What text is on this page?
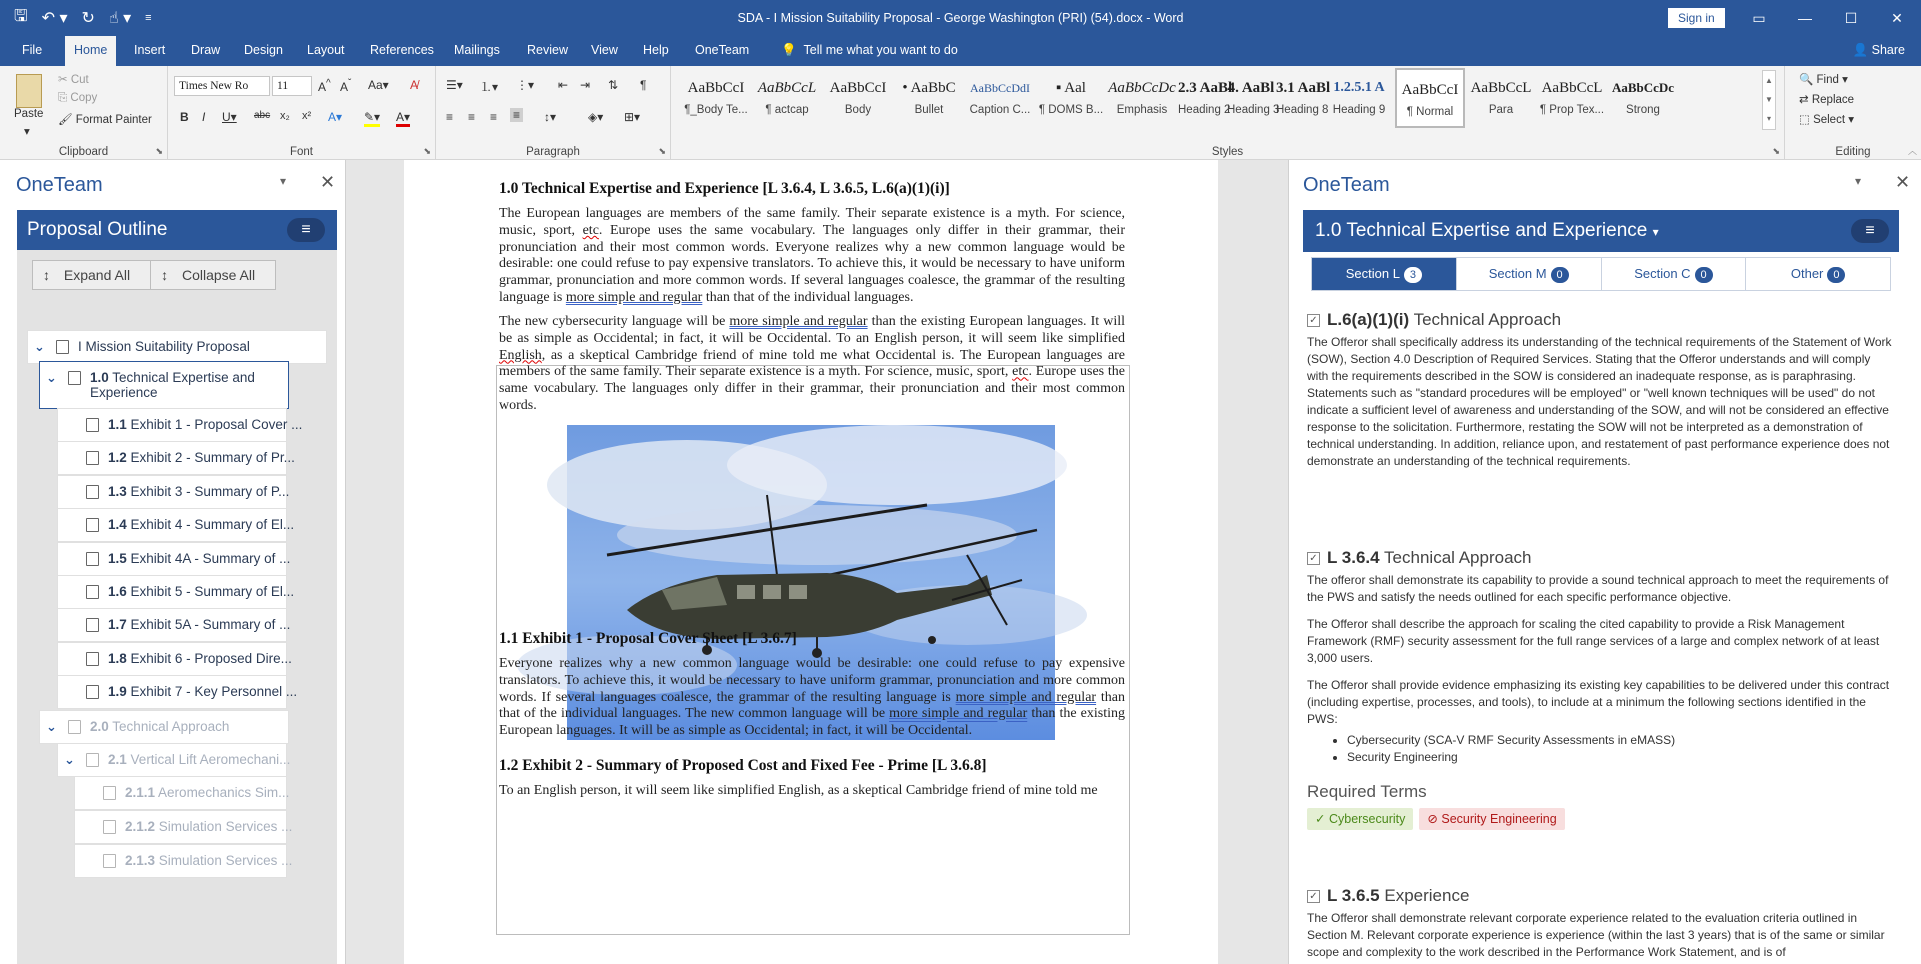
🖫 ↶ ▾ ↻ ☝ ▾ ≡	SDA - I Mission Suitability Proposal - George Washington (PRI) (54).docx - Word	Sign in	▭	—	☐	✕
File	Home	Insert	Draw	Design	Layout	References	Mailings	Review	View	Help	OneTeam	💡 Tell me what you want to do	👤 Share
Paste
▾
✂ Cut
⎘ Copy
🖌 Format Painter
Clipboard	⬊
Times New Ro	11	A^ $A^ˇ$ Aa▾ A̸
B I U▾ abc x₂ x² A▾ ✎▾ A▾
Font	⬊
☰▾ ⒈▾ ⋮▾ ⇤ ⇥ ⇅ ¶
≡ ≡ ≡ ≡ ↕▾	◈▾ ⊞▾
Paragraph	⬊	Styles	⬊
AaBbCcI
¶_Body Te...
AaBbCcL
¶ actcap
AaBbCcI
Body
• AaBbC
Bullet
AaBbCcDdI
Caption C...
▪ Aal
¶ DOMS B...
AaBbCcDc
Emphasis
2.3 AaBl
Heading 2
4. AaBl
Heading 3
3.1 AaBl
Heading 8
1.2.5.1 A
Heading 9
AaBbCcI
¶ Normal
AaBbCcL
Para
AaBbCcL
¶ Prop Tex...
AaBbCcDc
Strong
▲
▼
▾
🔍 Find ▾
⇄ Replace
⬚ Select ▾
Editing	︿
OneTeam	▾ ✕
Proposal Outline	≡
↕ Expand All	↕ Collapse All
⌄ I Mission Suitability Proposal
⌄ 1.0 Technical Expertise and
Experience
1.1 Exhibit 1 - Proposal Cover ...
1.2 Exhibit 2 - Summary of Pr...
1.3 Exhibit 3 - Summary of P...
1.4 Exhibit 4 - Summary of El...
1.5 Exhibit 4A - Summary of ...
1.6 Exhibit 5 - Summary of El...
1.7 Exhibit 5A - Summary of ...
1.8 Exhibit 6 - Proposed Dire...
1.9 Exhibit 7 - Key Personnel ...
⌄ 2.0 Technical Approach
⌄ 2.1 Vertical Lift Aeromechani...
2.1.1 Aeromechanics Sim...
2.1.2 Simulation Services ...
2.1.3 Simulation Services ...
1.0 Technical Expertise and Experience [L 3.6.4, L 3.6.5, L.6(a)(1)(i)]
The European languages are members of the same family. Their separate existence is a myth. For science, music, sport, etc. Europe uses the same vocabulary. The languages only differ in their grammar, their pronunciation and their most common words. Everyone realizes why a new common language would be desirable: one could refuse to pay expensive translators. To achieve this, it would be necessary to have uniform grammar, pronunciation and more common words. If several languages coalesce, the grammar of the resulting language is more simple and regular than that of the individual languages.
The new cybersecurity language will be more simple and regular than the existing European languages. It will be as simple as Occidental; in fact, it will be Occidental. To an English person, it will seem like simplified English, as a skeptical Cambridge friend of mine told me what Occidental is. The European languages are members of the same family. Their separate existence is a myth. For science, music, sport, etc. Europe uses the same vocabulary. The languages only differ in their grammar, their pronunciation and their most common words.
1.1 Exhibit 1 - Proposal Cover Sheet [L 3.6.7]
Everyone realizes why a new common language would be desirable: one could refuse to pay expensive translators. To achieve this, it would be necessary to have uniform grammar, pronunciation and more common words. If several languages coalesce, the grammar of the resulting language is more simple and regular than that of the individual languages. The new common language will be more simple and regular than the existing European languages. It will be as simple as Occidental; in fact, it will be Occidental.
1.2 Exhibit 2 - Summary of Proposed Cost and Fixed Fee - Prime [L 3.6.8]
To an English person, it will seem like simplified English, as a skeptical Cambridge friend of mine told me
OneTeam	▾ ✕
1.0 Technical Expertise and Experience ▾	≡
Section L 3	Section M 0	Section C 0	Other 0
✓ L.6(a)(1)(i) Technical Approach
The Offeror shall specifically address its understanding of the technical requirements of the Statement of Work (SOW), Section 4.0 Description of Required Services. Stating that the Offeror understands and will comply with the requirements described in the SOW is considered an inadequate response, as is paraphrasing. Statements such as "standard procedures will be employed" or "well known techniques will be used" do not indicate a sufficient level of awareness and understanding of the SOW, and will not be considered an effective response to the solicitation. Furthermore, restating the SOW will not be interpreted as a demonstration of technical understanding. In addition, reliance upon, and restatement of past performance experience does not demonstrate an understanding of the technical requirements.
✓ L 3.6.4 Technical Approach
The offeror shall demonstrate its capability to provide a sound technical approach to meet the requirements of the PWS and satisfy the needs outlined for each specific performance objective.
The Offeror shall describe the approach for scaling the cited capability to provide a Risk Management Framework (RMF) security assessment for the full range services of a large and complex network of at least 3,000 users.
The Offeror shall provide evidence emphasizing its existing key capabilities to be delivered under this contract (including expertise, processes, and tools), to include at a minimum the following sections identified in the PWS:
• Cybersecurity (SCA-V RMF Security Assessments in eMASS)
• Security Engineering
Required Terms
✓ Cybersecurity ⊘ Security Engineering
✓ L 3.6.5 Experience
The Offeror shall demonstrate relevant corporate experience related to the evaluation criteria outlined in Section M. Relevant corporate experience is experience (within the last 3 years) that is of the same or similar scope and complexity to the work described in the Performance Work Statement, and is of
